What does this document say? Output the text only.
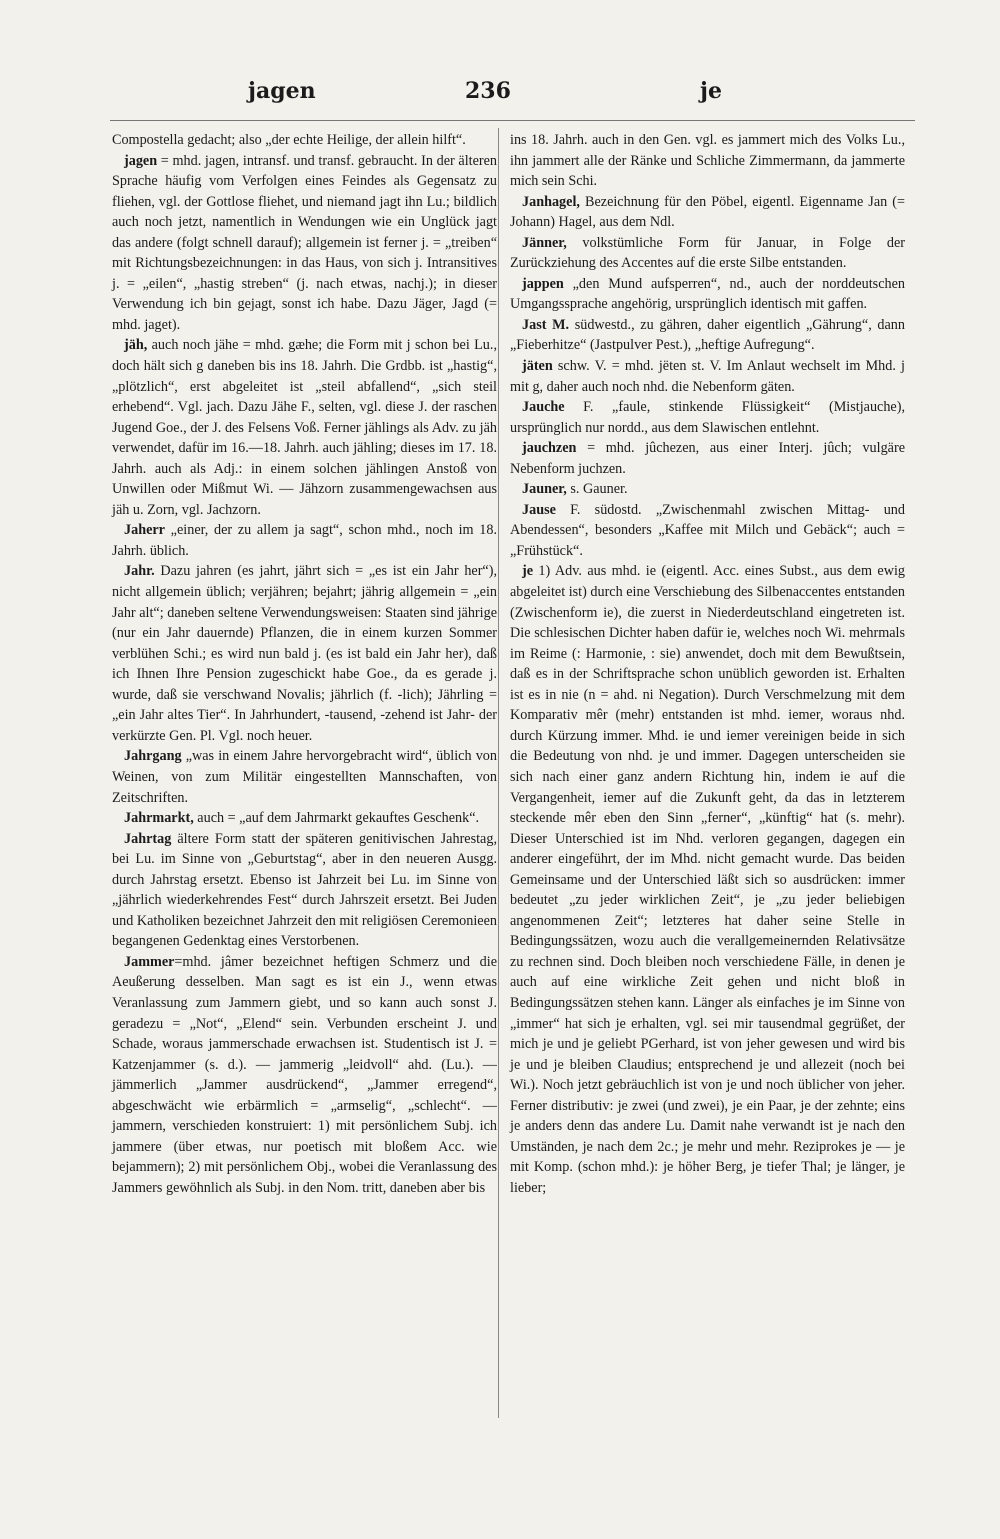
jagen	236	je

Compostella gedacht; also „der echte Heilige, der allein hilft“.

jagen = mhd. jagen, intransf. und transf. gebraucht. In der älteren Sprache häufig vom Verfolgen eines Feindes als Gegensatz zu fliehen, vgl. der Gottlose fliehet, und niemand jagt ihn Lu.; bildlich auch noch jetzt, namentlich in Wendungen wie ein Unglück jagt das andere (folgt schnell darauf); allgemein ist ferner j. = „treiben“ mit Richtungsbezeichnungen: in das Haus, von sich j. Intransitives j. = „eilen“, „hastig streben“ (j. nach etwas, nachj.); in dieser Verwendung ich bin gejagt, sonst ich habe. Dazu Jäger, Jagd (= mhd. jaget).

jäh, auch noch jähe = mhd. gæhe; die Form mit j schon bei Lu., doch hält sich g daneben bis ins 18. Jahrh. Die Grdbb. ist „hastig“, „plötzlich“, erst abgeleitet ist „steil abfallend“, „sich steil erhebend“. Vgl. jach. Dazu Jähe F., selten, vgl. diese J. der raschen Jugend Goe., der J. des Felsens Voß. Ferner jählings als Adv. zu jäh verwendet, dafür im 16.—18. Jahrh. auch jähling; dieses im 17. 18. Jahrh. auch als Adj.: in einem solchen jählingen Anstoß von Unwillen oder Mißmut Wi. — Jähzorn zusammengewachsen aus jäh u. Zorn, vgl. Jachzorn.

Jaherr „einer, der zu allem ja sagt“, schon mhd., noch im 18. Jahrh. üblich.

Jahr. Dazu jahren (es jahrt, jährt sich = „es ist ein Jahr her“), nicht allgemein üblich; verjähren; bejahrt; jährig allgemein = „ein Jahr alt“; daneben seltene Verwendungsweisen: Staaten sind jährige (nur ein Jahr dauernde) Pflanzen, die in einem kurzen Sommer verblühen Schi.; es wird nun bald j. (es ist bald ein Jahr her), daß ich Ihnen Ihre Pension zugeschickt habe Goe., da es gerade j. wurde, daß sie verschwand Novalis; jährlich (f. -lich); Jährling = „ein Jahr altes Tier“. In Jahrhundert, -tausend, -zehend ist Jahr- der verkürzte Gen. Pl. Vgl. noch heuer.

Jahrgang „was in einem Jahre hervorgebracht wird“, üblich von Weinen, von zum Militär eingestellten Mannschaften, von Zeitschriften.

Jahrmarkt, auch = „auf dem Jahrmarkt gekauftes Geschenk“.

Jahrtag ältere Form statt der späteren genitivischen Jahrestag, bei Lu. im Sinne von „Geburtstag“, aber in den neueren Ausgg. durch Jahrstag ersetzt. Ebenso ist Jahrzeit bei Lu. im Sinne von „jährlich wiederkehrendes Fest“ durch Jahrszeit ersetzt. Bei Juden und Katholiken bezeichnet Jahrzeit den mit religiösen Ceremonieen begangenen Gedenktag eines Verstorbenen.

Jammer=mhd. jâmer bezeichnet heftigen Schmerz und die Aeußerung desselben. Man sagt es ist ein J., wenn etwas Veranlassung zum Jammern giebt, und so kann auch sonst J. geradezu = „Not“, „Elend“ sein. Verbunden erscheint J. und Schade, woraus jammerschade erwachsen ist. Studentisch ist J. = Katzenjammer (s. d.). — jammerig „leidvoll“ ahd. (Lu.). — jämmerlich „Jammer ausdrückend“, „Jammer erregend“, abgeschwächt wie erbärmlich = „armselig“, „schlecht“. — jammern, verschieden konstruiert: 1) mit persönlichem Subj. ich jammere (über etwas, nur poetisch mit bloßem Acc. wie bejammern); 2) mit persönlichem Obj., wobei die Veranlassung des Jammers gewöhnlich als Subj. in den Nom. tritt, daneben aber bis

ins 18. Jahrh. auch in den Gen. vgl. es jammert mich des Volks Lu., ihn jammert alle der Ränke und Schliche Zimmermann, da jammerte mich sein Schi.

Janhagel, Bezeichnung für den Pöbel, eigentl. Eigenname Jan (= Johann) Hagel, aus dem Ndl.

Jänner, volkstümliche Form für Januar, in Folge der Zurückziehung des Accentes auf die erste Silbe entstanden.

jappen „den Mund aufsperren“, nd., auch der norddeutschen Umgangssprache angehörig, ursprünglich identisch mit gaffen.

Jast M. südwestd., zu gähren, daher eigentlich „Gährung“, dann „Fieberhitze“ (Jastpulver Pest.), „heftige Aufregung“.

jäten schw. V. = mhd. jëten st. V. Im Anlaut wechselt im Mhd. j mit g, daher auch noch nhd. die Nebenform gäten.

Jauche F. „faule, stinkende Flüssigkeit“ (Mistjauche), ursprünglich nur nordd., aus dem Slawischen entlehnt.

jauchzen = mhd. jûchezen, aus einer Interj. jûch; vulgäre Nebenform juchzen.

Jauner, s. Gauner.

Jause F. südostd. „Zwischenmahl zwischen Mittag- und Abendessen“, besonders „Kaffee mit Milch und Gebäck“; auch = „Frühstück“.

je 1) Adv. aus mhd. ie (eigentl. Acc. eines Subst., aus dem ewig abgeleitet ist) durch eine Verschiebung des Silbenaccentes entstanden (Zwischenform ie), die zuerst in Niederdeutschland eingetreten ist. Die schlesischen Dichter haben dafür ie, welches noch Wi. mehrmals im Reime (: Harmonie, : sie) anwendet, doch mit dem Bewußtsein, daß es in der Schriftsprache schon unüblich geworden ist. Erhalten ist es in nie (n = ahd. ni Negation). Durch Verschmelzung mit dem Komparativ mêr (mehr) entstanden ist mhd. iemer, woraus nhd. durch Kürzung immer. Mhd. ie und iemer vereinigen beide in sich die Bedeutung von nhd. je und immer. Dagegen unterscheiden sie sich nach einer ganz andern Richtung hin, indem ie auf die Vergangenheit, iemer auf die Zukunft geht, da das in letzterem steckende mêr eben den Sinn „ferner“, „künftig“ hat (s. mehr). Dieser Unterschied ist im Nhd. verloren gegangen, dagegen ein anderer eingeführt, der im Mhd. nicht gemacht wurde. Das beiden Gemeinsame und der Unterschied läßt sich so ausdrücken: immer bedeutet „zu jeder wirklichen Zeit“, je „zu jeder beliebigen angenommenen Zeit“; letzteres hat daher seine Stelle in Bedingungssätzen, wozu auch die verallgemeinernden Relativsätze zu rechnen sind. Doch bleiben noch verschiedene Fälle, in denen je auch auf eine wirkliche Zeit gehen und nicht bloß in Bedingungssätzen stehen kann. Länger als einfaches je im Sinne von „immer“ hat sich je erhalten, vgl. sei mir tausendmal gegrüßet, der mich je und je geliebt PGerhard, ist von jeher gewesen und wird bis je und je bleiben Claudius; entsprechend je und allezeit (noch bei Wi.). Noch jetzt gebräuchlich ist von je und noch üblicher von jeher. Ferner distributiv: je zwei (und zwei), je ein Paar, je der zehnte; eins je anders denn das andere Lu. Damit nahe verwandt ist je nach den Umständen, je nach dem 2c.; je mehr und mehr. Reziprokes je — je mit Komp. (schon mhd.): je höher Berg, je tiefer Thal; je länger, je lieber;
